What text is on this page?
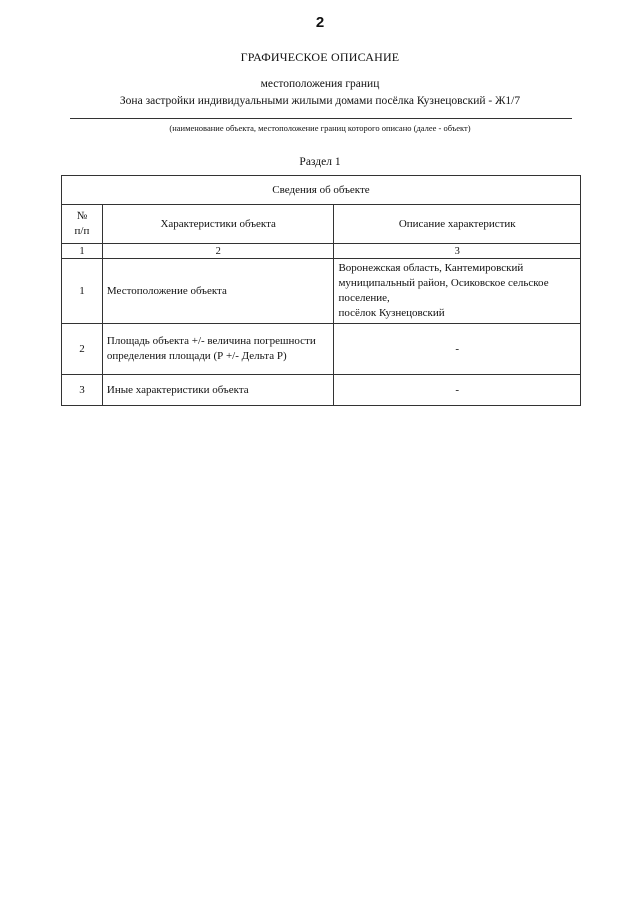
2
ГРАФИЧЕСКОЕ ОПИСАНИЕ
местоположения границ
Зона застройки индивидуальными жилыми домами посёлка Кузнецовский - Ж1/7
(наименование объекта, местоположение границ которого описано (далее - объект)
Раздел 1
Сведения об объекте		
№
п/п	Характеристики объекта	Описание характеристик
1	2	3
1	Местоположение объекта	Воронежская область, Кантемировский муниципальный район, Осиковское сельское поселение,
посёлок Кузнецовский
2	Площадь объекта +/- величина погрешности определения площади (Р +/- Дельта Р)	-
3	Иные характеристики объекта	-
